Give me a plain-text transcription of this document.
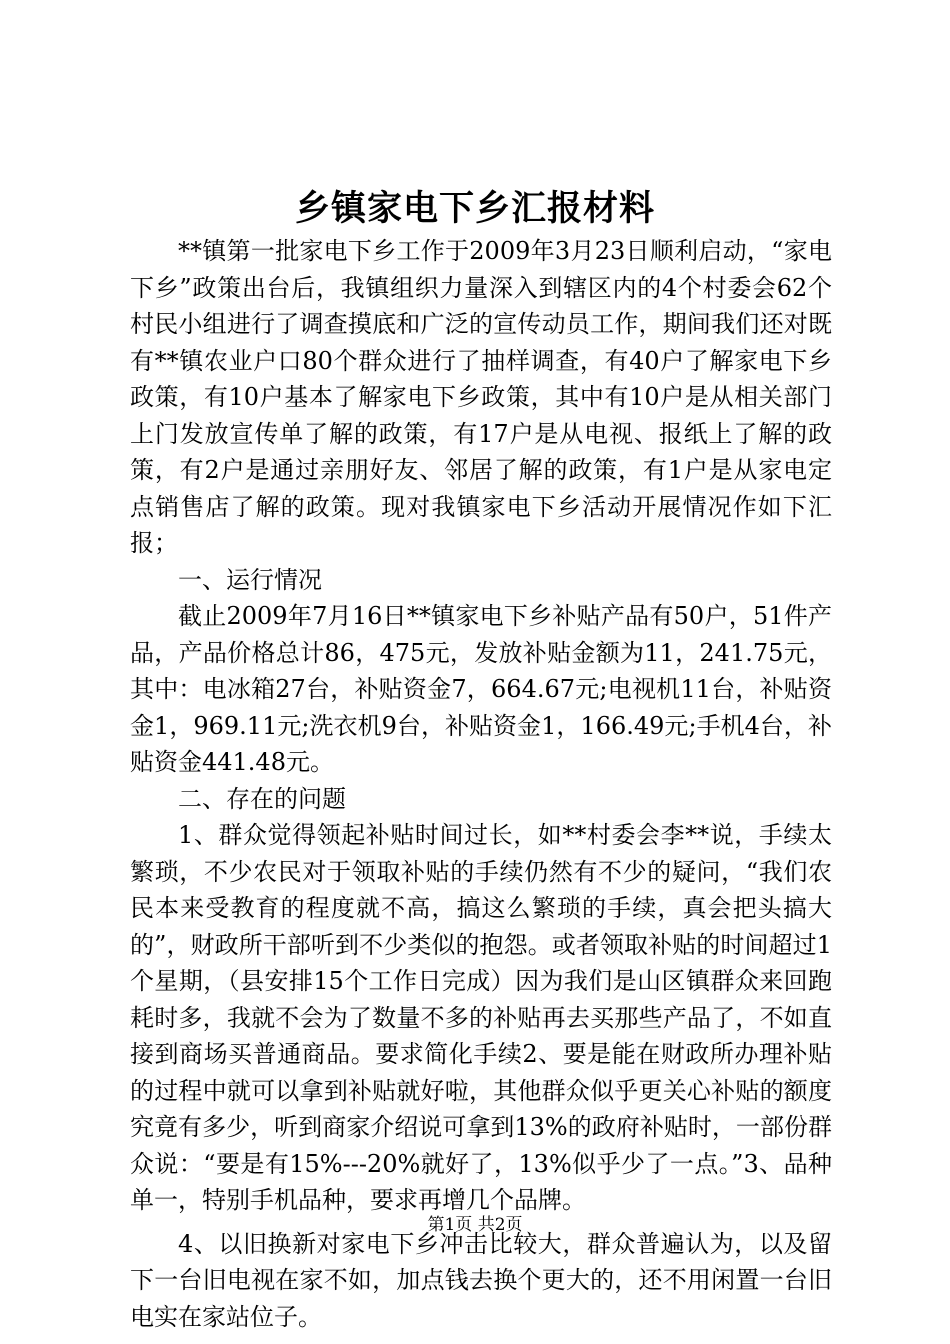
乡镇家电下乡汇报材料

**镇第一批家电下乡工作于2009年3月23日顺利启动，“家电下乡”政策出台后，我镇组织力量深入到辖区内的4个村委会62个村民小组进行了调查摸底和广泛的宣传动员工作，期间我们还对既有**镇农业户口80个群众进行了抽样调查，有40户了解家电下乡政策，有10户基本了解家电下乡政策，其中有10户是从相关部门上门发放宣传单了解的政策，有17户是从电视、报纸上了解的政策，有2户是通过亲朋好友、邻居了解的政策，有1户是从家电定点销售店了解的政策。现对我镇家电下乡活动开展情况作如下汇报；

一、运行情况

截止2009年7月16日**镇家电下乡补贴产品有50户，51件产品，产品价格总计86，475元，发放补贴金额为11，241.75元，其中：电冰箱27台，补贴资金7，664.67元;电视机11台，补贴资金1，969.11元;洗衣机9台，补贴资金1，166.49元;手机4台，补贴资金441.48元。

二、存在的问题

1、群众觉得领起补贴时间过长，如**村委会李**说，手续太繁琐，不少农民对于领取补贴的手续仍然有不少的疑问，“我们农民本来受教育的程度就不高，搞这么繁琐的手续，真会把头搞大的”，财政所干部听到不少类似的抱怨。或者领取补贴的时间超过1个星期，（县安排15个工作日完成）因为我们是山区镇群众来回跑耗时多，我就不会为了数量不多的补贴再去买那些产品了，不如直接到商场买普通商品。要求简化手续2、要是能在财政所办理补贴的过程中就可以拿到补贴就好啦，其他群众似乎更关心补贴的额度究竟有多少，听到商家介绍说可拿到13%的政府补贴时，一部份群众说：“要是有15%---20%就好了，13%似乎少了一点。”3、品种单一，特别手机品种，要求再增几个品牌。

4、以旧换新对家电下乡冲击比较大，群众普遍认为，以及留下一台旧电视在家不如，加点钱去换个更大的，还不用闲置一台旧电实在家站位子。

第1页 共2页
